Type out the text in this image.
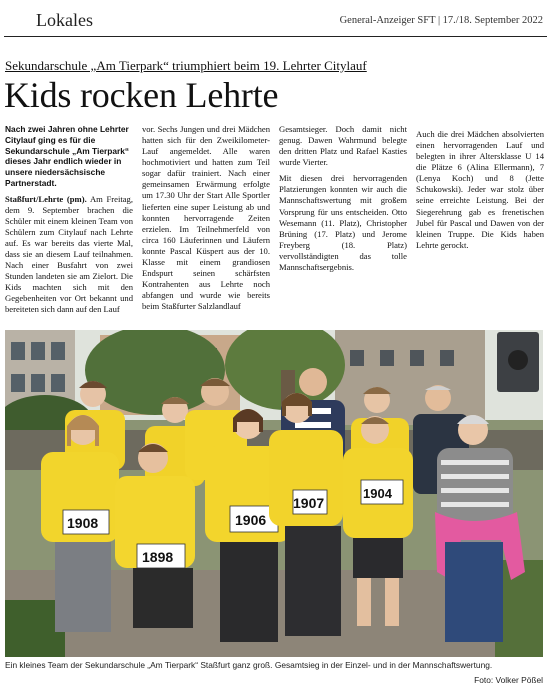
Lokales	General-Anzeiger SFT | 17./18. September 2022
Sekundarschule „Am Tierpark“ triumphiert beim 19. Lehrter Citylauf
Kids rocken Lehrte

Nach zwei Jahren ohne Lehrter Citylauf ging es für die Sekundarschule „Am Tierpark“ dieses Jahr endlich wieder in unsere niedersächsische Partnerstadt.

Staßfurt/Lehrte (pm). Am Freitag, dem 9. September brachen die Schüler mit einem kleinen Team von Schülern zum Citylauf nach Lehrte auf. Es war bereits das vierte Mal, dass sie an diesem Lauf teilnahmen. Nach einer Busfahrt von zwei Stunden landeten sie am Zielort. Die Kids machten sich mit den Gegebenheiten vor Ort bekannt und bereiteten sich dann auf den Lauf

vor. Sechs Jungen und drei Mädchen hatten sich für den Zweikilometer-Lauf angemeldet. Alle waren hochmotiviert und hatten zum Teil sogar dafür trainiert. Nach einer gemeinsamen Erwärmung erfolgte um 17.30 Uhr der Start Alle Sportler lieferten eine super Leistung ab und konnten hervorragende Zeiten erzielen. Im Teilnehmerfeld von circa 160 Läuferinnen und Läufern konnte Pascal Küspert aus der 10. Klasse mit einem grandiosen Endspurt seinen schärfsten Kontrahenten aus Lehrte noch abfangen und wurde wie bereits beim Staßfurter Salzlandlauf

Gesamtsieger. Doch damit nicht genug. Dawen Wahrmund belegte den dritten Platz und Rafael Kasties wurde Vierter.

Mit diesen drei hervorragenden Platzierungen konnten wir auch die Mannschaftswertung mit großem Vorsprung für uns entscheiden. Otto Wesemann (11. Platz), Christopher Brüning (17. Platz) und Jerome Freyberg (18. Platz) vervollständigten das tolle Mannschaftsergebnis.

Auch die drei Mädchen absolvierten einen hervorragenden Lauf und belegten in ihrer Altersklasse U 14 die Plätze 6 (Alina Ellermann), 7 (Lenya Koch) und 8 (Jette Schukowski). Jeder war stolz über seine erreichte Leistung. Bei der Siegerehrung gab es frenetischen Jubel für Pascal und Dawen von der kleinen Truppe. Die Kids haben Lehrte gerockt.

1908
1898
1906
1907
1904
Ein kleines Team der Sekundarschule „Am Tierpark“ Staßfurt ganz groß. Gesamtsieg in der Einzel- und in der Mannschaftswertung.
Foto: Volker Pößel
